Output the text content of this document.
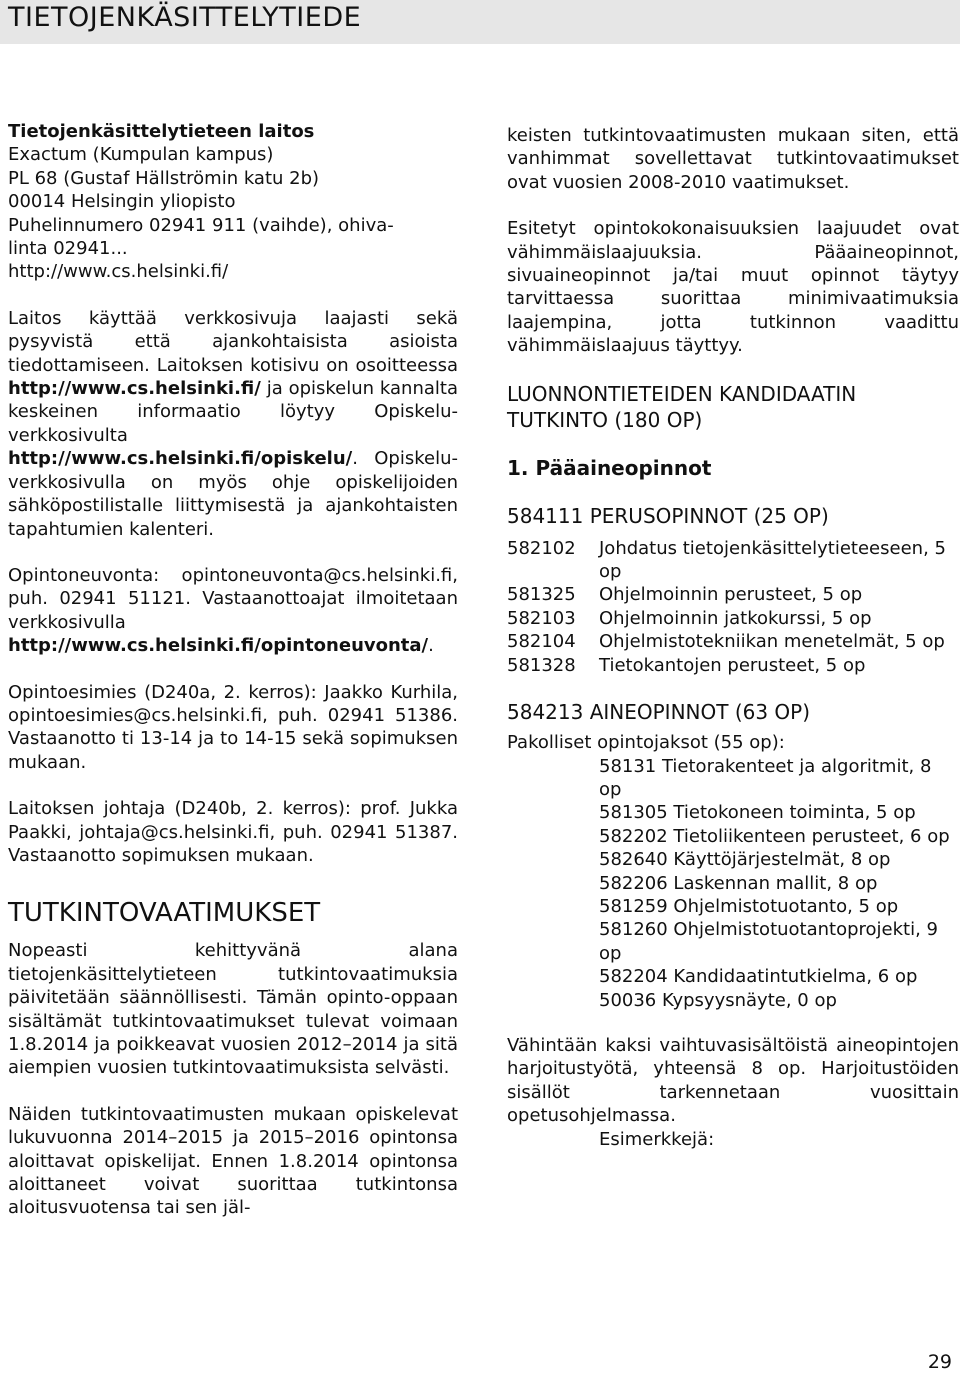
TIETOJENKÄSITTELYTIEDE

Tietojenkäsittelytieteen laitos
Exactum (Kumpulan kampus)
PL 68 (Gustaf Hällströmin katu 2b)
00014 Helsingin yliopisto
Puhelinnumero 02941 911 (vaihde), ohiva-
linta 02941...
http://www.cs.helsinki.fi/

Laitos käyttää verkkosivuja laajasti sekä pysyvistä että ajankohtaisista asioista tiedottamiseen. Laitoksen kotisivu on osoitteessa http://www.cs.helsinki.fi/ ja opiskelun kannalta keskeinen informaatio löytyy Opiskelu-verkkosivulta http://www.cs.helsinki.fi/opiskelu/. Opiskelu-verkkosivulla on myös ohje opiskelijoiden sähköpostilistalle liittymisestä ja ajankohtaisten tapahtumien kalenteri.

Opintoneuvonta: opintoneuvonta@cs.helsinki.fi, puh. 02941 51121. Vastaanottoajat ilmoitetaan verkkosivulla http://www.cs.helsinki.fi/opintoneuvonta/.

Opintoesimies (D240a, 2. kerros): Jaakko Kurhila, opintoesimies@cs.helsinki.fi, puh. 02941 51386. Vastaanotto ti 13-14 ja to 14-15 sekä sopimuksen mukaan.

Laitoksen johtaja (D240b, 2. kerros): prof. Jukka Paakki, johtaja@cs.helsinki.fi, puh. 02941 51387. Vastaanotto sopimuksen mukaan.

TUTKINTOVAATIMUKSET

Nopeasti kehittyvänä alana tietojenkäsittelytieteen tutkintovaatimuksia päivitetään säännöllisesti. Tämän opinto-oppaan sisältämät tutkintovaatimukset tulevat voimaan 1.8.2014 ja poikkeavat vuosien 2012–2014 ja sitä aiempien vuosien tutkintovaatimuksista selvästi.

Näiden tutkintovaatimusten mukaan opiskelevat lukuvuonna 2014–2015 ja 2015–2016 opintonsa aloittavat opiskelijat. Ennen 1.8.2014 opintonsa aloittaneet voivat suorittaa tutkintonsa aloitusvuotensa tai sen jäl-

keisten tutkintovaatimusten mukaan siten, että vanhimmat sovellettavat tutkintovaatimukset ovat vuosien 2008-2010 vaatimukset.

Esitetyt opintokokonaisuuksien laajuudet ovat vähimmäislaajuuksia. Pääaineopinnot, sivuaineopinnot ja/tai muut opinnot täytyy tarvittaessa suorittaa minimivaatimuksia laajempina, jotta tutkinnon vaadittu vähimmäislaajuus täyttyy.

LUONNONTIETEIDEN KANDIDAATIN

TUTKINTO (180 OP)

1. Pääaineopinnot

584111 PERUSOPINNOT (25 OP)

582102	Johdatus tietojenkäsittelytieteeseen, 5 op
581325	Ohjelmoinnin perusteet, 5 op
582103	Ohjelmoinnin jatkokurssi, 5 op
582104	Ohjelmistotekniikan menetelmät, 5 op
581328	Tietokantojen perusteet, 5 op

584213 AINEOPINNOT (63 OP)

Pakolliset opintojaksot (55 op):

58131 Tietorakenteet ja algoritmit, 8 op
581305 Tietokoneen toiminta, 5 op
582202 Tietoliikenteen perusteet, 6 op
582640 Käyttöjärjestelmät, 8 op
582206 Laskennan mallit, 8 op
581259 Ohjelmistotuotanto, 5 op
581260 Ohjelmistotuotantoprojekti, 9 op
582204 Kandidaatintutkielma, 6 op
50036 Kypsyysnäyte, 0 op

Vähintään kaksi vaihtuvasisältöistä aineopintojen harjoitustyötä, yhteensä 8 op. Harjoitustöiden sisällöt tarkennetaan vuosittain opetusohjelmassa.

Esimerkkejä:

29
